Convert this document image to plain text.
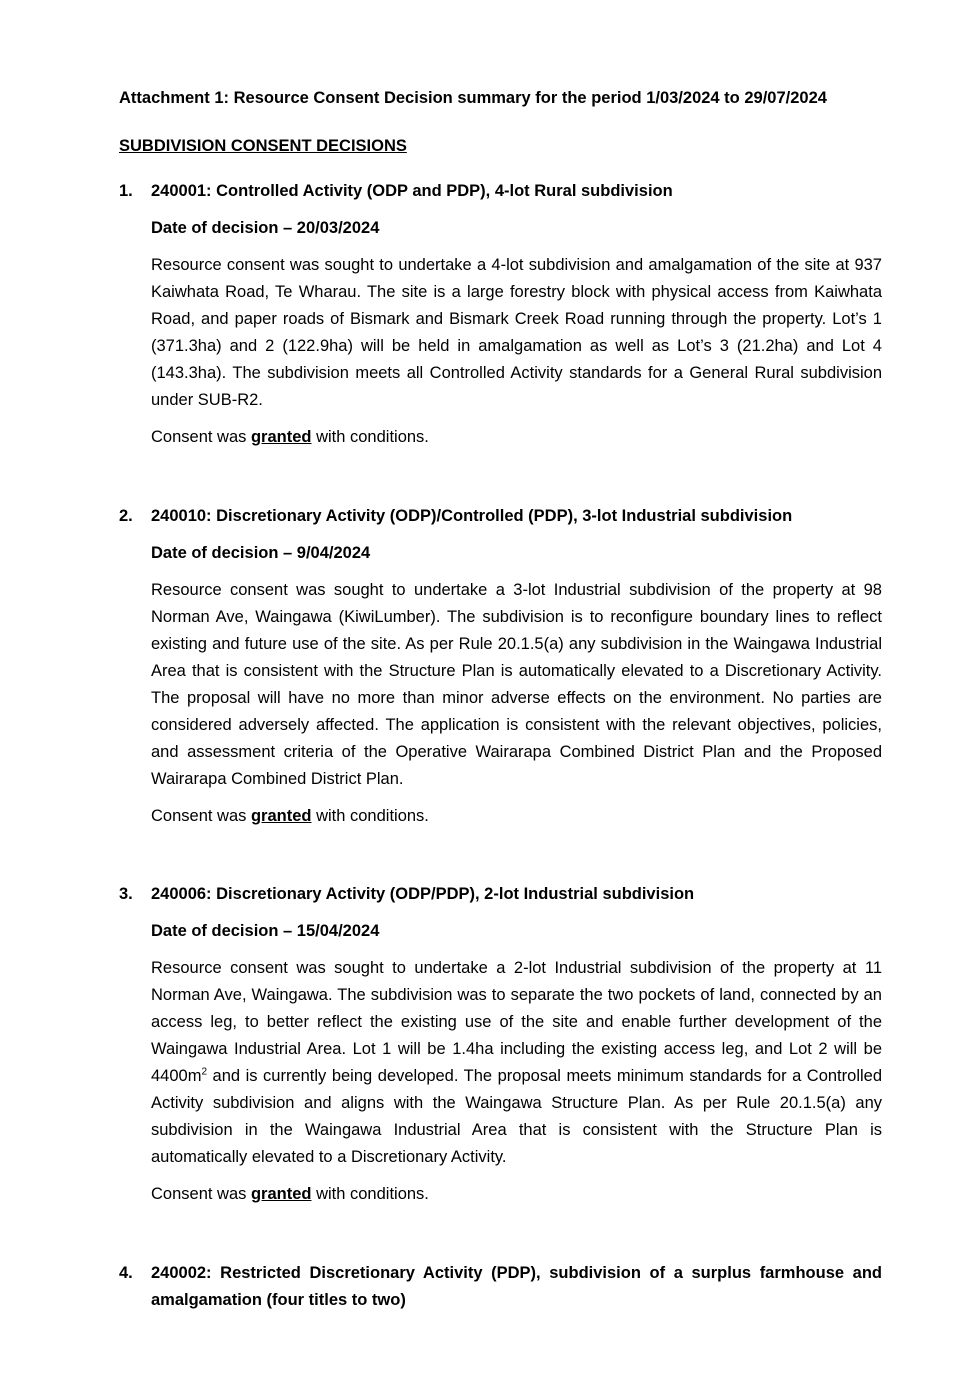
Attachment 1: Resource Consent Decision summary for the period 1/03/2024 to 29/07/2024

SUBDIVISION CONSENT DECISIONS

1. 240001: Controlled Activity (ODP and PDP), 4-lot Rural subdivision
Date of decision – 20/03/2024

Resource consent was sought to undertake a 4-lot subdivision and amalgamation of the site at 937 Kaiwhata Road, Te Wharau. The site is a large forestry block with physical access from Kaiwhata Road, and paper roads of Bismark and Bismark Creek Road running through the property. Lot’s 1 (371.3ha) and 2 (122.9ha) will be held in amalgamation as well as Lot’s 3 (21.2ha) and Lot 4 (143.3ha). The subdivision meets all Controlled Activity standards for a General Rural subdivision under SUB-R2.

Consent was granted with conditions.
2. 240010: Discretionary Activity (ODP)/Controlled (PDP), 3-lot Industrial subdivision
Date of decision – 9/04/2024

Resource consent was sought to undertake a 3-lot Industrial subdivision of the property at 98 Norman Ave, Waingawa (KiwiLumber). The subdivision is to reconfigure boundary lines to reflect existing and future use of the site. As per Rule 20.1.5(a) any subdivision in the Waingawa Industrial Area that is consistent with the Structure Plan is automatically elevated to a Discretionary Activity. The proposal will have no more than minor adverse effects on the environment. No parties are considered adversely affected. The application is consistent with the relevant objectives, policies, and assessment criteria of the Operative Wairarapa Combined District Plan and the Proposed Wairarapa Combined District Plan.

Consent was granted with conditions.
3. 240006: Discretionary Activity (ODP/PDP), 2-lot Industrial subdivision
Date of decision – 15/04/2024

Resource consent was sought to undertake a 2-lot Industrial subdivision of the property at 11 Norman Ave, Waingawa. The subdivision was to separate the two pockets of land, connected by an access leg, to better reflect the existing use of the site and enable further development of the Waingawa Industrial Area. Lot 1 will be 1.4ha including the existing access leg, and Lot 2 will be $4400m^2$ and is currently being developed. The proposal meets minimum standards for a Controlled Activity subdivision and aligns with the Waingawa Structure Plan. As per Rule 20.1.5(a) any subdivision in the Waingawa Industrial Area that is consistent with the Structure Plan is automatically elevated to a Discretionary Activity.

Consent was granted with conditions.
4. 240002: Restricted Discretionary Activity (PDP), subdivision of a surplus farmhouse and amalgamation (four titles to two)
